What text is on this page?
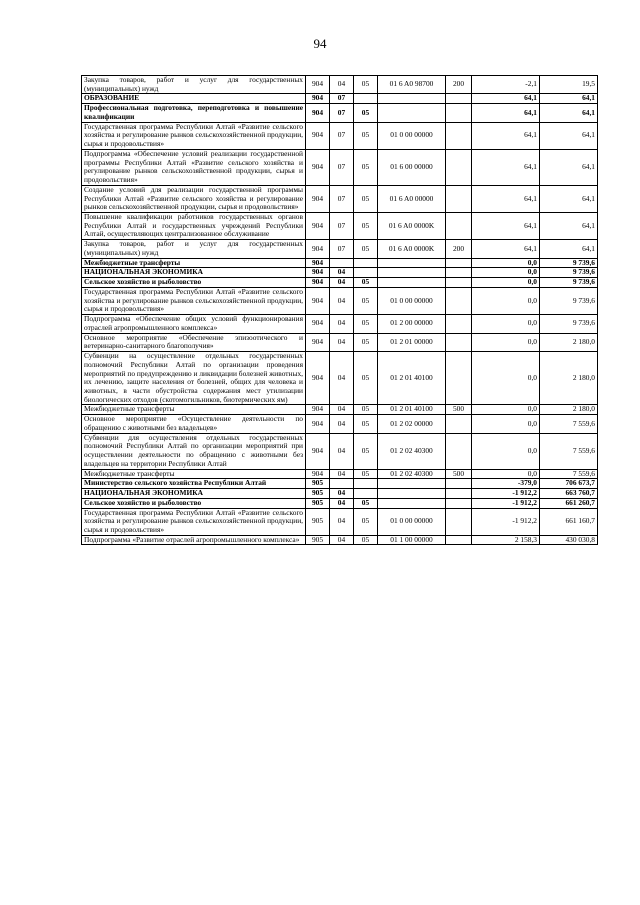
94
Закупка товаров, работ и услуг для государственных (муниципальных) нужд	904	04	05	01 6 A0 98700	200	-2,1	19,5
ОБРАЗОВАНИЕ	904	07				64,1	64,1
Профессиональная подготовка, переподготовка и повышение квалификации	904	07	05			64,1	64,1
Государственная программа Республики Алтай «Развитие сельского хозяйства и регулирование рынков сельскохозяйственной продукции, сырья и продовольствия»	904	07	05	01 0 00 00000		64,1	64,1
Подпрограмма «Обеспечение условий реализации государственной программы Республики Алтай «Развитие сельского хозяйства и регулирование рынков сельскохозяйственной продукции, сырья и продовольствия»	904	07	05	01 6 00 00000		64,1	64,1
Создание условий для реализации государственной программы Республики Алтай «Развитие сельского хозяйства и регулирование рынков сельскохозяйственной продукции, сырья и продовольствия»	904	07	05	01 6 A0 00000		64,1	64,1
Повышение квалификации работников государственных органов Республики Алтай и государственных учреждений Республики Алтай, осуществляющих централизованное обслуживание	904	07	05	01 6 A0 0000K		64,1	64,1
Закупка товаров, работ и услуг для государственных (муниципальных) нужд	904	07	05	01 6 A0 0000K	200	64,1	64,1
Межбюджетные трансферты	904					0,0	9 739,6
НАЦИОНАЛЬНАЯ ЭКОНОМИКА	904	04				0,0	9 739,6
Сельское хозяйство и рыболовство	904	04	05			0,0	9 739,6
Государственная программа Республики Алтай «Развитие сельского хозяйства и регулирование рынков сельскохозяйственной продукции, сырья и продовольствия»	904	04	05	01 0 00 00000		0,0	9 739,6
Подпрограмма «Обеспечение общих условий функционирования отраслей агропромышленного комплекса»	904	04	05	01 2 00 00000		0,0	9 739,6
Основное мероприятие «Обеспечение эпизоотического и ветеринарно-санитарного благополучия»	904	04	05	01 2 01 00000		0,0	2 180,0
Субвенции на осуществление отдельных государственных полномочий Республики Алтай по организации проведения мероприятий по предупреждению и ликвидации болезней животных, их лечению, защите населения от болезней, общих для человека и животных, в части обустройства содержания мест утилизации биологических отходов (скотомогильников, биотермических ям)	904	04	05	01 2 01 40100		0,0	2 180,0
Межбюджетные трансферты	904	04	05	01 2 01 40100	500	0,0	2 180,0
Основное мероприятие «Осуществление деятельности по обращению с животными без владельцев»	904	04	05	01 2 02 00000		0,0	7 559,6
Субвенции для осуществления отдельных государственных полномочий Республики Алтай по организации мероприятий при осуществлении деятельности по обращению с животными без владельцев на территории Республики Алтай	904	04	05	01 2 02 40300		0,0	7 559,6
Межбюджетные трансферты	904	04	05	01 2 02 40300	500	0,0	7 559,6
Министерство сельского хозяйства Республики Алтай	905					-379,0	706 673,7
НАЦИОНАЛЬНАЯ ЭКОНОМИКА	905	04				-1 912,2	663 760,7
Сельское хозяйство и рыболовство	905	04	05			-1 912,2	661 260,7
Государственная программа Республики Алтай «Развитие сельского хозяйства и регулирование рынков сельскохозяйственной продукции, сырья и продовольствия»	905	04	05	01 0 00 00000		-1 912,2	661 160,7
Подпрограмма «Развитие отраслей агропромышленного комплекса»	905	04	05	01 1 00 00000		2 158,3	430 030,8
